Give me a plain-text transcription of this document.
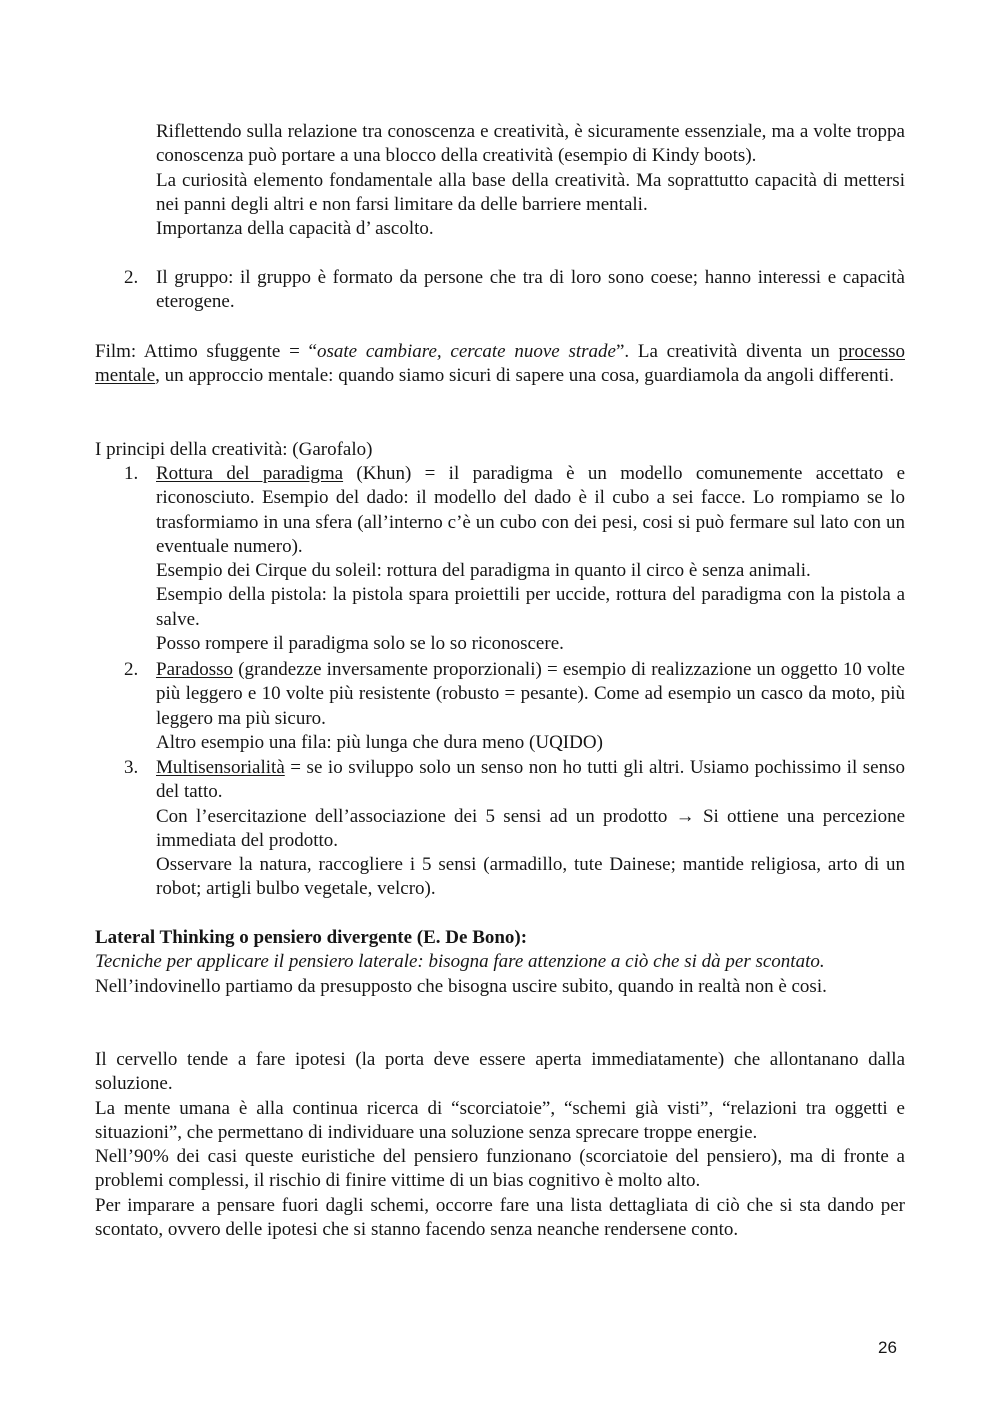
Riflettendo sulla relazione tra conoscenza e creatività, è sicuramente essenziale, ma a volte troppa conoscenza può portare a una blocco della creatività (esempio di Kindy boots).

La curiosità elemento fondamentale alla base della creatività. Ma soprattutto capacità di mettersi nei panni degli altri e non farsi limitare da delle barriere mentali.

Importanza della capacità d’ ascolto.

2. Il gruppo: il gruppo è formato da persone che tra di loro sono coese; hanno interessi e capacità eterogene.

Film: Attimo sfuggente = “osate cambiare, cercate nuove strade”. La creatività diventa un processo mentale, un approccio mentale: quando siamo sicuri di sapere una cosa, guardiamola da angoli differenti.

I principi della creatività: (Garofalo)

1. Rottura del paradigma (Khun) = il paradigma è un modello comunemente accettato e riconosciuto. Esempio del dado: il modello del dado è il cubo a sei facce. Lo rompiamo se lo trasformiamo in una sfera (all’interno c’è un cubo con dei pesi, cosi si può fermare sul lato con un eventuale numero).

Esempio dei Cirque du soleil: rottura del paradigma in quanto il circo è senza animali.

Esempio della pistola: la pistola spara proiettili per uccide, rottura del paradigma con la pistola a salve.

Posso rompere il paradigma solo se lo so riconoscere.

2. Paradosso (grandezze inversamente proporzionali) = esempio di realizzazione un oggetto 10 volte più leggero e 10 volte più resistente (robusto = pesante). Come ad esempio un casco da moto, più leggero ma più sicuro.

Altro esempio una fila: più lunga che dura meno (UQIDO)

3. Multisensorialità = se io sviluppo solo un senso non ho tutti gli altri. Usiamo pochissimo il senso del tatto.

Con l’esercitazione dell’associazione dei 5 sensi ad un prodotto → Si ottiene una percezione immediata del prodotto.

Osservare la natura, raccogliere i 5 sensi (armadillo, tute Dainese; mantide religiosa, arto di un robot; artigli bulbo vegetale, velcro).

Lateral Thinking o pensiero divergente (E. De Bono):

Tecniche per applicare il pensiero laterale: bisogna fare attenzione a ciò che si dà per scontato.

Nell’indovinello partiamo da presupposto che bisogna uscire subito, quando in realtà non è cosi.

Il cervello tende a fare ipotesi (la porta deve essere aperta immediatamente) che allontanano dalla soluzione.

La mente umana è alla continua ricerca di “scorciatoie”, “schemi già visti”, “relazioni tra oggetti e situazioni”, che permettano di individuare una soluzione senza sprecare troppe energie.

Nell’90% dei casi queste euristiche del pensiero funzionano (scorciatoie del pensiero), ma di fronte a problemi complessi, il rischio di finire vittime di un bias cognitivo è molto alto.

Per imparare a pensare fuori dagli schemi, occorre fare una lista dettagliata di ciò che si sta dando per scontato, ovvero delle ipotesi che si stanno facendo senza neanche rendersene conto.

26
